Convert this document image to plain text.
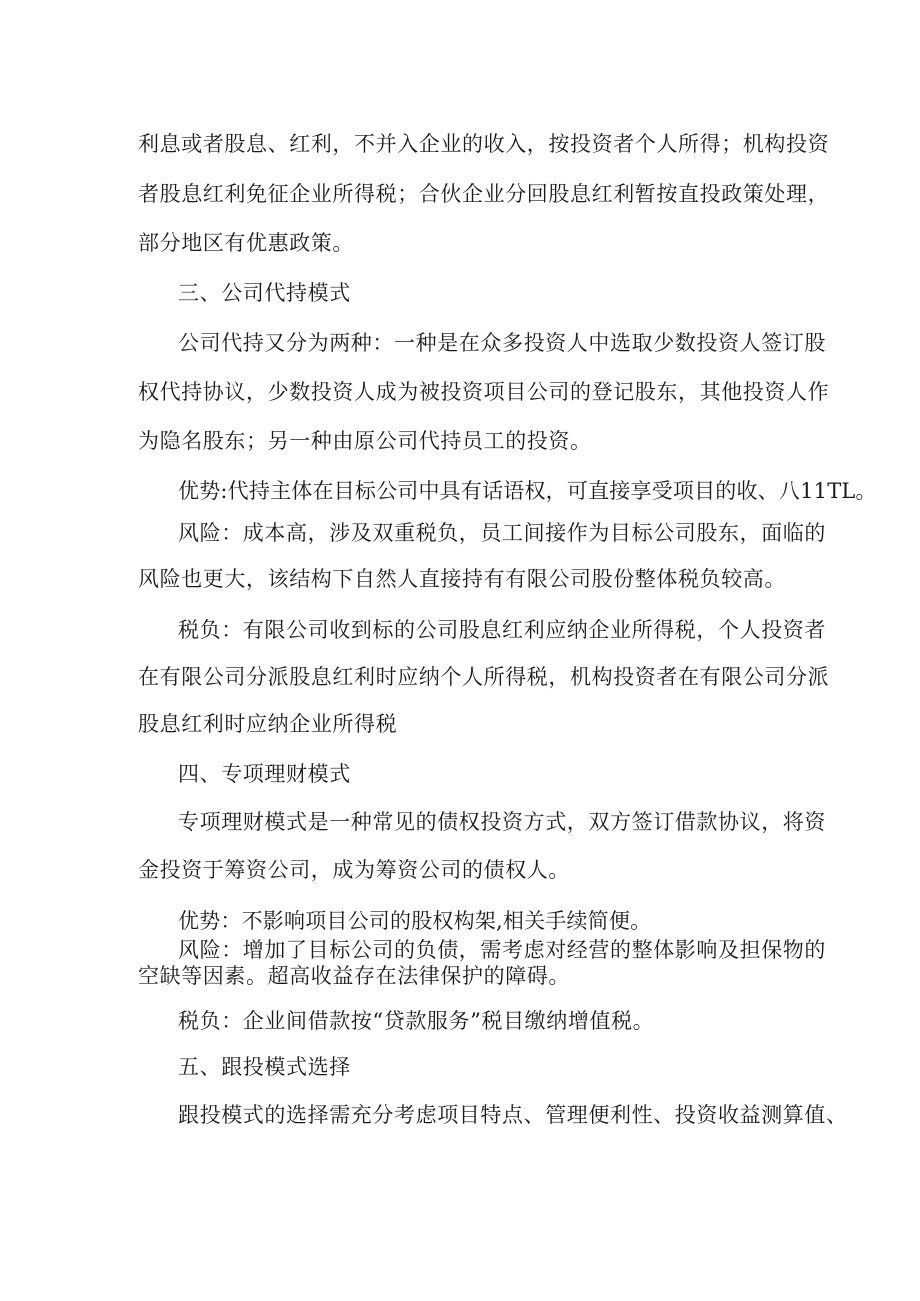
利息或者股息、红利，不并入企业的收入，按投资者个人所得；机构投资
者股息红利免征企业所得税；合伙企业分回股息红利暂按直投政策处理，
部分地区有优惠政策。
三、公司代持模式
公司代持又分为两种：一种是在众多投资人中选取少数投资人签订股
权代持协议，少数投资人成为被投资项目公司的登记股东，其他投资人作
为隐名股东；另一种由原公司代持员工的投资。
优势:代持主体在目标公司中具有话语权，可直接享受项目的收、八11TL。
风险：成本高，涉及双重税负，员工间接作为目标公司股东，面临的
风险也更大，该结构下自然人直接持有有限公司股份整体税负较高。
税负：有限公司收到标的公司股息红利应纳企业所得税，个人投资者
在有限公司分派股息红利时应纳个人所得税，机构投资者在有限公司分派
股息红利时应纳企业所得税
四、专项理财模式
专项理财模式是一种常见的债权投资方式，双方签订借款协议，将资
金投资于筹资公司，成为筹资公司的债权人。
优势：不影响项目公司的股权构架,相关手续简便。
风险：增加了目标公司的负债，需考虑对经营的整体影响及担保物的
空缺等因素。超高收益存在法律保护的障碍。
税负：企业间借款按“贷款服务”税目缴纳增值税。
五、跟投模式选择
跟投模式的选择需充分考虑项目特点、管理便利性、投资收益测算值、
